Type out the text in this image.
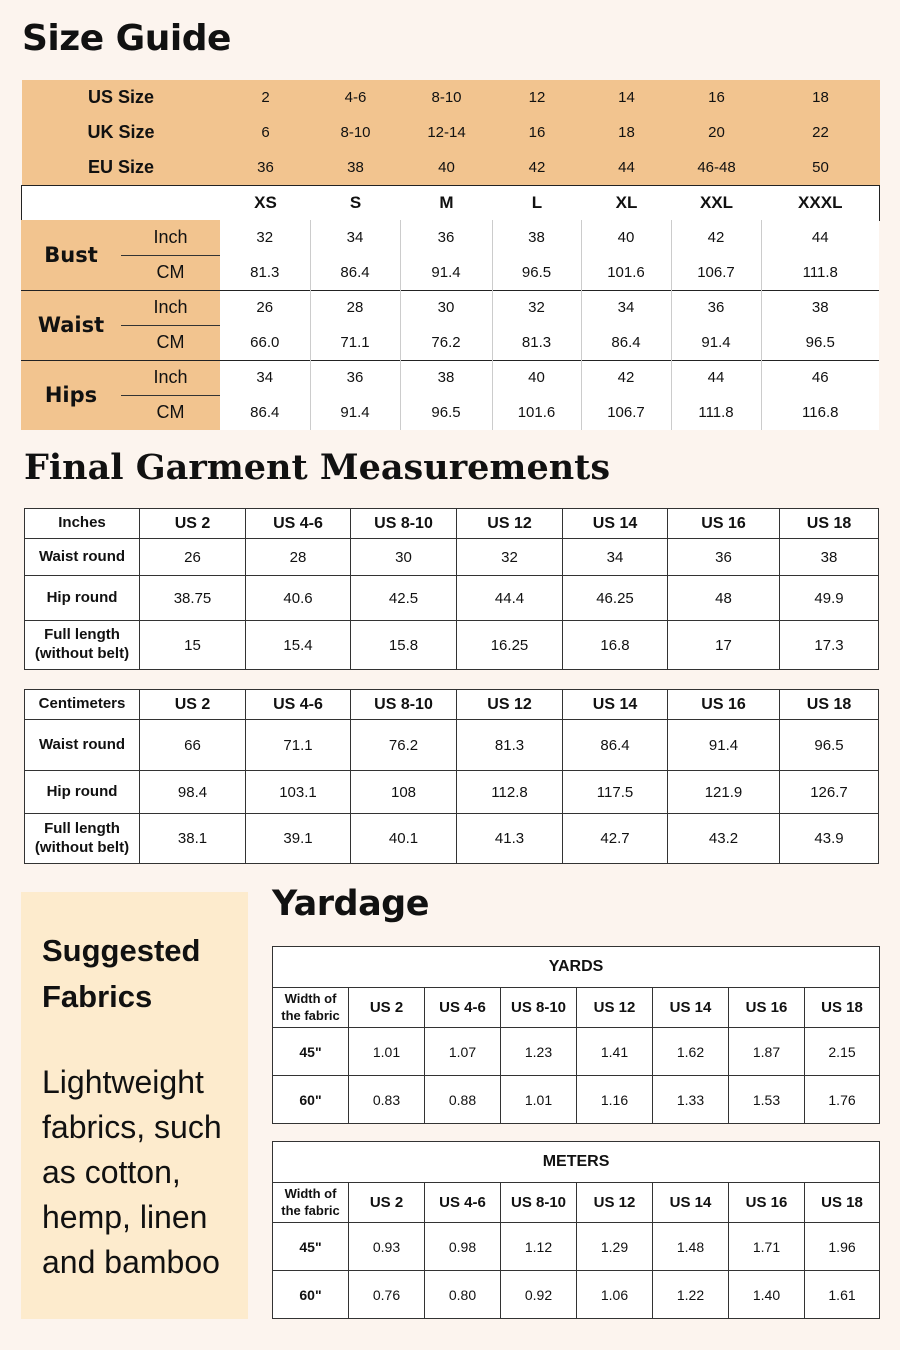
Size Guide
US Size	2	4-6	8-10	12	14	16	18
UK Size	6	8-10	12-14	16	18	20	22
EU Size	36	38	40	42	44	46-48	50
	XS	S	M	L	XL	XXL	XXXL
Bust	Inch	32	34	36	38	40	42	44
	CM	81.3	86.4	91.4	96.5	101.6	106.7	111.8
Waist	Inch	26	28	30	32	34	36	38
	CM	66.0	71.1	76.2	81.3	86.4	91.4	96.5
Hips	Inch	34	36	38	40	42	44	46
	CM	86.4	91.4	96.5	101.6	106.7	111.8	116.8
Final Garment Measurements
Inches	US 2	US 4-6	US 8-10	US 12	US 14	US 16	US 18
Waist round	26	28	30	32	34	36	38
Hip round	38.75	40.6	42.5	44.4	46.25	48	49.9
Full length
(without belt)	15	15.4	15.8	16.25	16.8	17	17.3
Centimeters	US 2	US 4-6	US 8-10	US 12	US 14	US 16	US 18
Waist round	66	71.1	76.2	81.3	86.4	91.4	96.5
Hip round	98.4	103.1	108	112.8	117.5	121.9	126.7
Full length
(without belt)	38.1	39.1	40.1	41.3	42.7	43.2	43.9
Suggested Fabrics
Lightweight fabrics, such as cotton, hemp, linen and bamboo
Yardage
YARDS							
Width of
the fabric	US 2	US 4-6	US 8-10	US 12	US 14	US 16	US 18
45"	1.01	1.07	1.23	1.41	1.62	1.87	2.15
60"	0.83	0.88	1.01	1.16	1.33	1.53	1.76
METERS							
Width of
the fabric	US 2	US 4-6	US 8-10	US 12	US 14	US 16	US 18
45"	0.93	0.98	1.12	1.29	1.48	1.71	1.96
60"	0.76	0.80	0.92	1.06	1.22	1.40	1.61
